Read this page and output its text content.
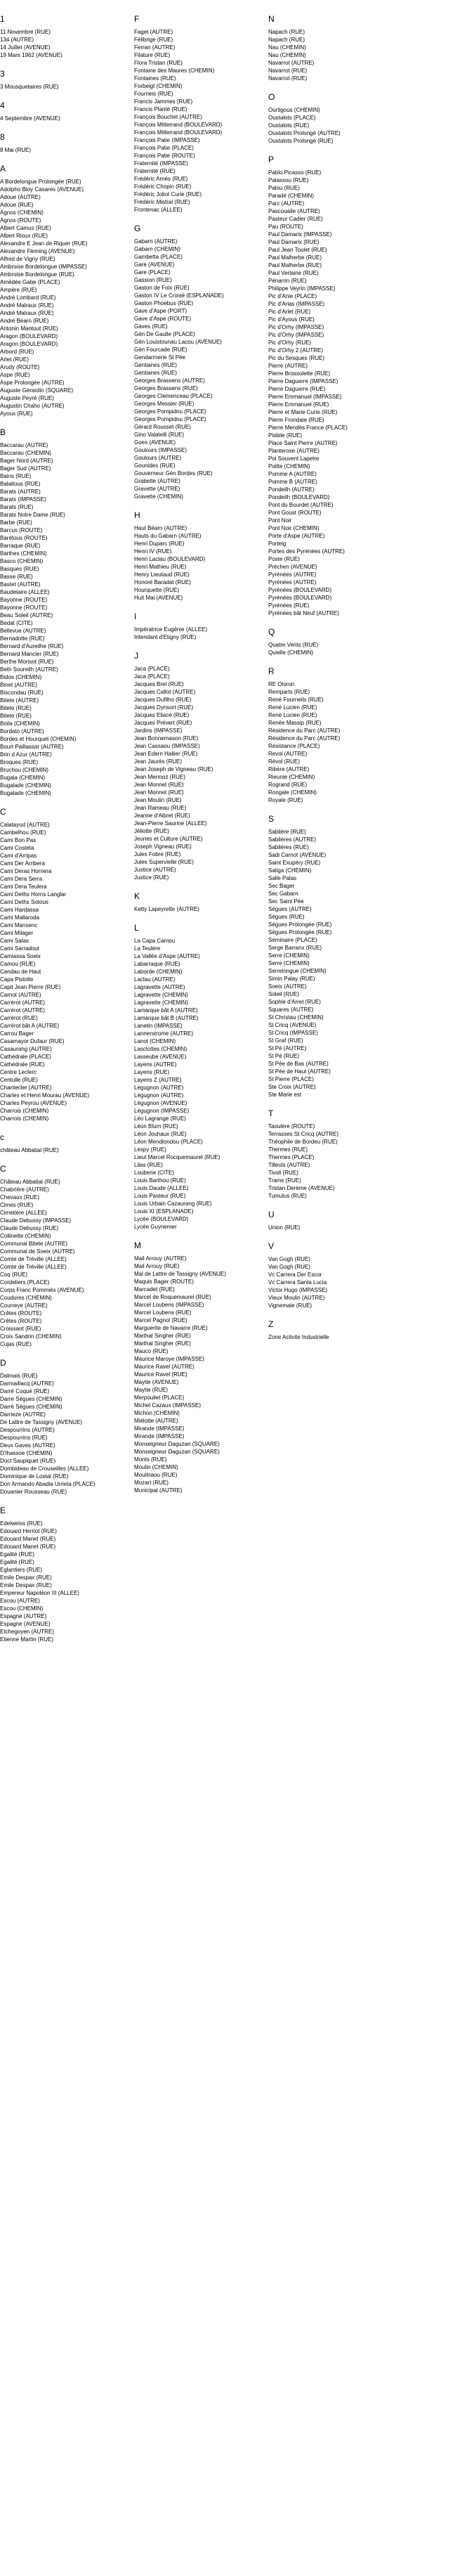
1
11 Novembre (RUE)
134 (AUTRE)
14 Juillet (AVENUE)
19 Mars 1962 (AVENUE)
3
3 Mousquetaires (RUE)
4
4 Septembre (AVENUE)
8
8 Mai (RUE)
A
A Bordelongue Prolongée (RUE)
Adolpho Bioy Casares (AVENUE)
Adoue (AUTRE)
Adoue (RUE)
Agnos (CHEMIN)
Agnos (ROUTE)
Albert Camus (RUE)
Albert Rioux (RUE)
Alexandre E Jean de Riquer (RUE)
Alexandre Fleming (AVENUE)
Alfred de Vigny (RUE)
Ambroise Bordelongue (IMPASSE)
Ambroise Bordelongue (RUE)
Amédée Gabe (PLACE)
Ampère (RUE)
André Lombard (RUE)
André Malraux (RUE)
André Malraux (RUE)
André Béarn (RUE)
Antonin Mantout (RUE)
Aragon (BOULEVARD)
Aragon (BOULEVARD)
Arbord (RUE)
Arlet (RUE)
Arudy (ROUTE)
Aspe (RUE)
Aspe Prolongée (AUTRE)
Auguste Gérardin (SQUARE)
Auguste Peyré (RUE)
Augustin Chaho (AUTRE)
Ayous (RUE)
B
Baccarau (AUTRE)
Baccarau (CHEMIN)
Bager Nord (AUTRE)
Bager Sud (AUTRE)
Bains (RUE)
Balaitous (RUE)
Barats (AUTRE)
Barats (IMPASSE)
Barats (RUE)
Barats Notre Dame (RUE)
Barbe (RUE)
Barcus (ROUTE)
Barétous (ROUTE)
Barraque (RUE)
Barthes (CHEMIN)
Basco (CHEMIN)
Basques (RUE)
Basse (RUE)
Bastet (AUTRE)
Baudelaire (ALLEE)
Bayonne (ROUTE)
Bayonne (ROUTE)
Beau Soleil (AUTRE)
Bedat (CITE)
Bellevue (AUTRE)
Bernadotte (RUE)
Bernard d'Aureilhe (RUE)
Bernard Mancier (RUE)
Berthe Morisot (RUE)
Beth Soureilh (AUTRE)
Bidos (CHEMIN)
Binet (AUTRE)
Biscondau (RUE)
Bitete (AUTRE)
Bitete (RUE)
Bitete (RUE)
Boila (CHEMIN)
Bordato (AUTRE)
Bordes et Hourquet (CHEMIN)
Bourt Paillassar (AUTRE)
Brin d Azur (AUTRE)
Broques (RUE)
Bruchou (CHEMIN)
Bugala (CHEMIN)
Bugalade (CHEMIN)
Bugalade (CHEMIN)
C
Calatayud (AUTRE)
Cambelhou (RUE)
Cami Bon Pas
Cami Costeta
Cami d'Arripas
Cami Der Arribera
Cami Deras Hornera
Cami Dera Serra
Cami Dera Teulera
Cami Deths Horns Langlar
Cami Deths Sotous
Cami Hardassa
Cami Mallaroda
Cami Mansenc
Cami Milager
Cami Salas
Cami Sarradout
Camiassa Soeix
Camou (RUE)
Candau de Haut
Capa Pistolle
Capit Jean Pierre (RUE)
Carnot (AUTRE)
Carrérot (AUTRE)
Carrérot (AUTRE)
Carrérot (RUE)
Carrérot bât A (AUTRE)
Carrou Bager
Casamayor Dufaur (RUE)
Casaurang (AUTRE)
Cathédrale (PLACE)
Cathédrale (RUE)
Centre Leclerc
Centulle (RUE)
Chantecler (AUTRE)
Charles et Henri Mourau (AVENUE)
Charles Peyrou (AVENUE)
Charrois (CHEMIN)
Charrois (CHEMIN)
c
château Abbatial (RUE)
C
Château Abbatial (RUE)
Chabrière (AUTRE)
Chevaux (RUE)
Cimes (RUE)
Cimetière (ALLEE)
Claude Debussy (IMPASSE)
Claude Debussy (RUE)
Collinette (CHEMIN)
Communal Bitete (AUTRE)
Communal de Soeix (AUTRE)
Comte de Tréville (ALLEE)
Comte de Tréville (ALLEE)
Coq (RUE)
Cordeliers (PLACE)
Corps Franc Pommiès (AVENUE)
Coudures (CHEMIN)
Courreye (AUTRE)
Crêtes (ROUTE)
Crêtes (ROUTE)
Croissant (RUE)
Croix Sandrin (CHEMIN)
Cujas (RUE)
D
Dalmais (RUE)
Darmaillacq (AUTRE)
Darré Coqué (RUE)
Darre Ségues (CHEMIN)
Darré Ségues (CHEMIN)
Darrieze (AUTRE)
De Lattre de Tassigny (AVENUE)
Despourrins (AUTRE)
Despourrins (RUE)
Deux Gaves (AUTRE)
D'Ihassoe (CHEMIN)
Doct Saupiquet (RUE)
Dombideau de Crouseilles (ALLEE)
Dominique de Lostal (RUE)
Don Armando Abadia Urrieta (PLACE)
Douanier Rousseau (RUE)
E
Edelweiss (RUE)
Edouard Herriot (RUE)
Edouard Manet (RUE)
Edouard Manet (RUE)
Egalité (RUE)
Egalité (RUE)
Eglantiers (RUE)
Emile Despax (RUE)
Emile Despax (RUE)
Empereur Napoléon III (ALLEE)
Escou (AUTRE)
Escou (CHEMIN)
Espagne (AUTRE)
Espagne (AVENUE)
Etchegoyen (AUTRE)
Etienne Martin (RUE)
F
Faget (AUTRE)
Félibrige (RUE)
Ferran (AUTRE)
Filature (RUE)
Flora Tristan (RUE)
Fontaine des Maures (CHEMIN)
Fontaines (RUE)
Forbeigt (CHEMIN)
Fourneis (RUE)
Francis Jammes (RUE)
Francis Planté (RUE)
François Bouchet (AUTRE)
François Mitterrand (BOULEVARD)
François Mitterrand (BOULEVARD)
François Patie (IMPASSE)
François Patie (PLACE)
François Patie (ROUTE)
Fraternité (IMPASSE)
Fraternité (RUE)
Frédéric Arnès (RUE)
Frédéric Chopin (RUE)
Frédéric Joliot Curie (RUE)
Frédéric Mistral (RUE)
Frontenac (ALLEE)
G
Gabarn (AUTRE)
Gabarn (CHEMIN)
Gambetta (PLACE)
Gare (AVENUE)
Gare (PLACE)
Gassion (RUE)
Gaston de Foix (RUE)
Gaston IV Le Croisé (ESPLANADE)
Gaston Phoebus (RUE)
Gave d'Aspe (PORT)
Gave d'Aspe (ROUTE)
Gaves (RUE)
Gén De Gaulle (PLACE)
Gén Louistounau Lacou (AVENUE)
Gén Fourcade (RUE)
Gendarmerie St Pée
Gentianes (RUE)
Gentianes (RUE)
Georges Brassens (AUTRE)
Georges Brassens (RUE)
Georges Clemenceau (PLACE)
Georges Messier (RUE)
Georges Pompidou (PLACE)
Georges Pompidou (PLACE)
Gérard Rousset (RUE)
Gino Valatelli (RUE)
Goes (AVENUE)
Goulours (IMPASSE)
Goulours (AUTRE)
Gounides (RUE)
Gouverneur Gén Bordes (RUE)
Grabette (AUTRE)
Gravette (AUTRE)
Gravette (CHEMIN)
H
Haut Béarn (AUTRE)
Hauts du Gabarn (AUTRE)
Henri Duparc (RUE)
Henri IV (RUE)
Henri Laclau (BOULEVARD)
Henri Mathieu (RUE)
Henry Lieutaud (RUE)
Honoré Baradat (RUE)
Hourquette (RUE)
Huit Mai (AVENUE)
I
Impératrice Eugénie (ALLEE)
Intendant d'Etigny (RUE)
J
Jaca (PLACE)
Jaca (PLACE)
Jacques Brel (RUE)
Jacques Callot (AUTRE)
Jacques Dufilho (RUE)
Jacques Dynsort (RUE)
Jacques Eliacé (RUE)
Jacques Prévert (RUE)
Jardins (IMPASSE)
Jean Bonnemason (RUE)
Jean Cassaou (IMPASSE)
Jean Edern Hallier (RUE)
Jean Jaurès (RUE)
Jean Joseph de Vigneau (RUE)
Jean Mermoz (RUE)
Jean Monnet (RUE)
Jean Monnet (RUE)
Jean Moulin (RUE)
Jean Rameau (RUE)
Jeanne d'Albret (RUE)
Jean-Pierre Saurine (ALLEE)
Jéliotte (RUE)
Jeunes et Culture (AUTRE)
Joseph Vigneau (RUE)
Jules Fobre (RUE)
Jules Supervielle (RUE)
Justice (AUTRE)
Justice (RUE)
K
Ketty Lapeyrette (AUTRE)
L
La Capa Camou
La Teulère
La Vallée d'Aspe (AUTRE)
Labarraque (RUE)
Laborde (CHEMIN)
Laclau (AUTRE)
Lagravette (AUTRE)
Lagravette (CHEMIN)
Lagravette (CHEMIN)
Lamarque bât A (AUTRE)
Lamarque bât B (AUTRE)
Lanetin (IMPASSE)
Lannerstrome (AUTRE)
Lanot (CHEMIN)
Lasclottes (CHEMIN)
Lasseube (AVENUE)
Layens (AUTRE)
Layens (RUE)
Layens Z (AUTRE)
Légugnon (AUTRE)
Légugnon (AUTRE)
Légugnon (AVENUE)
Légugnon (IMPASSE)
Léo Lagrange (RUE)
Léon Blum (RUE)
Léon Jouhaux (RUE)
Léon Mendiondou (PLACE)
Lespy (RUE)
Lieut Marcel Rocquemaurel (RUE)
Lilas (RUE)
Louberie (CITE)
Louis Barthou (RUE)
Louis Daude (ALLEE)
Louis Pasteur (RUE)
Louis Urbain Cazaurang (RUE)
Louis XI (ESPLANADE)
Lycée (BOULEVARD)
Lycée Guynemer
M
Mail Arrouy (AUTRE)
Mail Arrouy (RUE)
Mal de Lattre de Tassigny (AVENUE)
Maquis Bager (ROUTE)
Marcadet (RUE)
Marcel de Roquemaurel (RUE)
Marcel Loubens (IMPASSE)
Marcel Loubens (RUE)
Marcel Pagnol (RUE)
Marguerite de Navarre (RUE)
Marthal Singher (RUE)
Marthal Singher (RUE)
Mauco (RUE)
Maurice Maroye (IMPASSE)
Maurice Ravel (AUTRE)
Maurice Ravel (RUE)
Maytie (AVENUE)
Maytie (RUE)
Merpouilet (PLACE)
Michel Cazaux (IMPASSE)
Michon (CHEMIN)
Miélotte (AUTRE)
Mirande (IMPASSE)
Mirande (IMPASSE)
Monseigneur Daguzan (SQUARE)
Monseigneur Daguzan (SQUARE)
Monts (RUE)
Moulin (CHEMIN)
Moulinaou (RUE)
Mozart (RUE)
Municipal (AUTRE)
N
Napach (RUE)
Napach (RUE)
Nau (CHEMIN)
Nau (CHEMIN)
Navarrot (AUTRE)
Navarrot (RUE)
Navarrot (RUE)
O
Ourtigous (CHEMIN)
Oustalots (PLACE)
Oustalots (RUE)
Oustalots Prolongé (AUTRE)
Oustalots Prolongé (RUE)
P
Pablo Picasso (RUE)
Palassou (RUE)
Palou (RUE)
Paradé (CHEMIN)
Parc (AUTRE)
Pascouaile (AUTRE)
Pasteur Cadier (RUE)
Pau (ROUTE)
Paul Damarix (IMPASSE)
Paul Damarix (RUE)
Paul Jean Toulet (RUE)
Paul Malherbe (RUE)
Paul Malherbe (RUE)
Paul Verlaine (RUE)
Pénarrin (RUE)
Philippe Veyrin (IMPASSE)
Pic d'Anie (PLACE)
Pic d'Arlas (IMPASSE)
Pic d'Arlet (RUE)
Pic d'Ayous (RUE)
Pic d'Orhy (IMPASSE)
Pic d'Orhy (IMPASSE)
Pic d'Orhy (RUE)
Pic d'Orhy 2 (AUTRE)
Pic du Sesques (RUE)
Pierre (AUTRE)
Pierre Brossolette (RUE)
Pierre Daguerre (IMPASSE)
Pierre Daguerre (RUE)
Pierre Emmanuel (IMPASSE)
Pierre Emmanuel (RUE)
Pierre et Marie Curie (RUE)
Pierre Frondaie (RUE)
Pierre Mendès France (PLACE)
Pisbile (RUE)
Place Saint Pierre (AUTRE)
Planterose (AUTRE)
Poi Souvent Lapetre
Poitte (CHEMIN)
Pomme A (AUTRE)
Pomme B (AUTRE)
Pondeilh (AUTRE)
Pondeilh (BOULEVARD)
Pont du Bourdet (AUTRE)
Pont Goust (ROUTE)
Pont Noir
Pont Noir (CHEMIN)
Porte d'Aspe (AUTRE)
Porteig
Portes des Pyrénées (AUTRE)
Poste (RUE)
Préchen (AVENUE)
Pyrénées (AUTRE)
Pyrénées (AUTRE)
Pyrénées (BOULEVARD)
Pyrénées (BOULEVARD)
Pyrénées (RUE)
Pyrénées bât Neuf (AUTRE)
Q
Quatre Vents (RUE)
Quielle (CHEMIN)
R
RE Oloron
Remparts (RUE)
René Fourneils (RUE)
René Lucien (RUE)
René Lucien (RUE)
Renée Massip (RUE)
Résidence du Parc (AUTRE)
Résidence du Parc (AUTRE)
Résistance (PLACE)
Revol (AUTRE)
Révol (RUE)
Ribère (AUTRE)
Rieunie (CHEMIN)
Rogrand (RUE)
Rongale (CHEMIN)
Royale (RUE)
S
Sablière (RUE)
Sablières (AUTRE)
Sablières (RUE)
Sadi Carnot (AVENUE)
Saint Exupéry (RUE)
Saliga (CHEMIN)
Salle Palas
Sec Bager
Sec Gabarn
Sec Saint Pée
Ségues (AUTRE)
Ségues (RUE)
Ségues Prolongée (RUE)
Ségues Prolongée (RUE)
Séminaire (PLACE)
Serge Barranx (RUE)
Serre (CHEMIN)
Serre (CHEMIN)
Serrelongue (CHEMIN)
Simin Palay (RUE)
Soeix (AUTRE)
Soleil (RUE)
Sophie d'Arret (RUE)
Squares (AUTRE)
St Christau (CHEMIN)
St Cricq (AVENUE)
St Cricq (IMPASSE)
St Graf (RUE)
St Pé (AUTRE)
St Pé (RUE)
St Pée de Bas (AUTRE)
St Pée de Haut (AUTRE)
St Pierre (PLACE)
Ste Croix (AUTRE)
Ste Marie est
T
Taoulère (ROUTE)
Terrasses St Cricq (AUTRE)
Théophile de Bordeu (RUE)
Thermes (RUE)
Thermes (PLACE)
Tilleuls (AUTRE)
Tivoli (RUE)
Trams (RUE)
Tristan Derème (AVENUE)
Tumulus (RUE)
U
Union (RUE)
V
Van Gogh (RUE)
Van Gogh (RUE)
Vc Carrera Der Escor
Vc Carrera Santa Lucia
Victor Hugo (IMPASSE)
Vieux Moulin (AUTRE)
Vignemale (RUE)
Z
Zone Activite Industrielle
